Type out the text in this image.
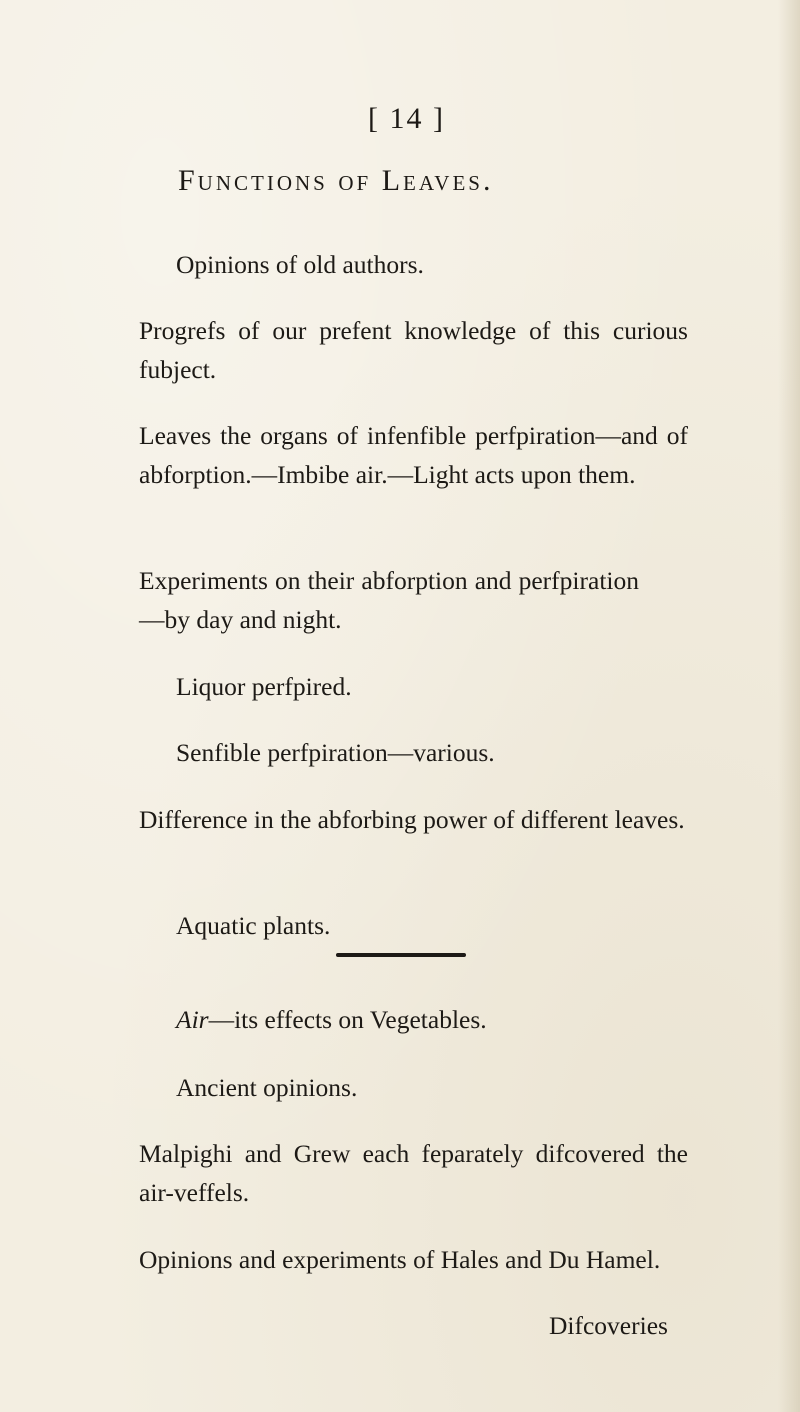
[ 14 ]
Functions of Leaves.

Opinions of old authors.

Progrefs of our prefent knowledge of this curious fubject.

Leaves the organs of infenfible perfpiration—and of abforption.—Imbibe air.—Light acts upon them.

Experiments on their abforption and perfpiration—by day and night.

Liquor perfpired.

Senfible perfpiration—various.

Difference in the abforbing power of different leaves.

Aquatic plants.

Air—its effects on Vegetables.

Ancient opinions.

Malpighi and Grew each feparately difcovered the air-veffels.

Opinions and experiments of Hales and Du Hamel.

Difcoveries
